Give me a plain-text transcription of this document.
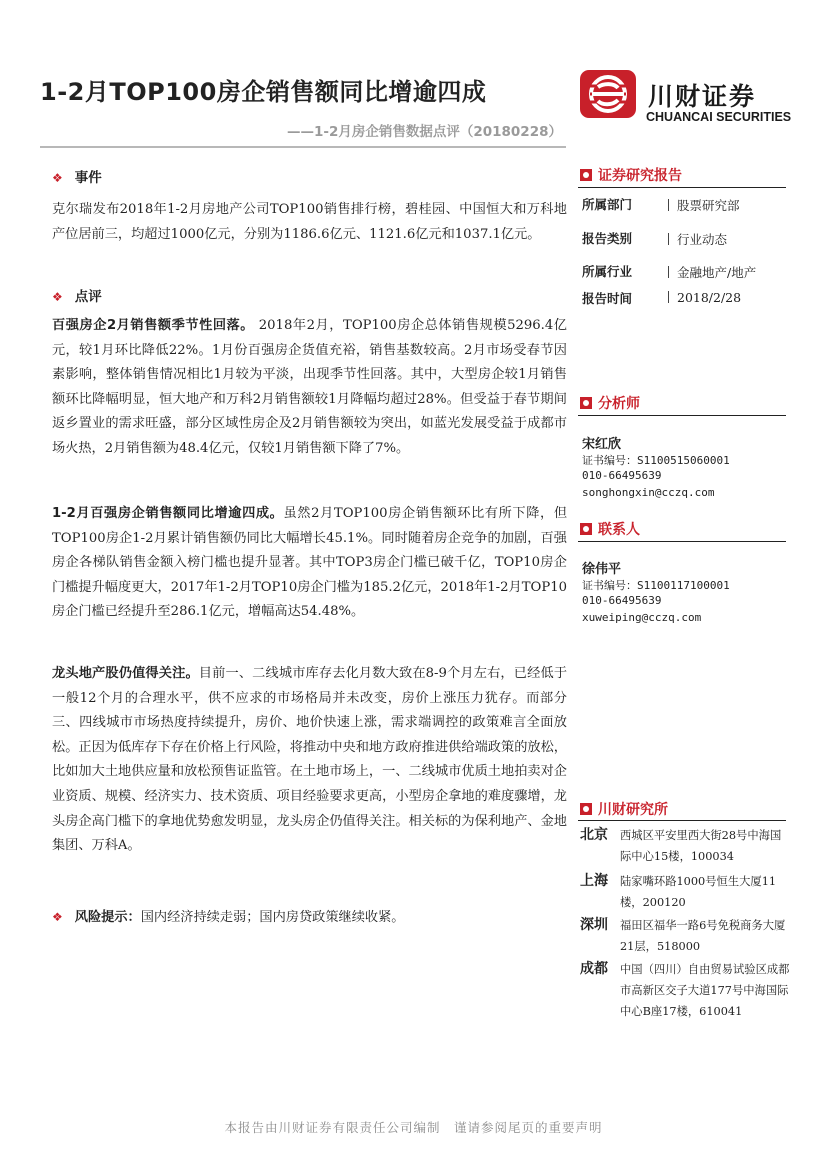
1-2月TOP100房企销售额同比增逾四成
——1-2月房企销售数据点评（20180228）
川财证券
CHUANCAI SECURITIES
❖ 事件
克尔瑞发布2018年1-2月房地产公司TOP100销售排行榜，碧桂园、中国恒大和万科地产位居前三，均超过1000亿元，分别为1186.6亿元、1121.6亿元和1037.1亿元。
❖ 点评
百强房企2月销售额季节性回落。 2018年2月，TOP100房企总体销售规模5296.4亿元，较1月环比降低22%。1月份百强房企货值充裕，销售基数较高。2月市场受春节因素影响，整体销售情况相比1月较为平淡，出现季节性回落。其中，大型房企较1月销售额环比降幅明显，恒大地产和万科2月销售额较1月降幅均超过28%。但受益于春节期间返乡置业的需求旺盛，部分区域性房企及2月销售额较为突出，如蓝光发展受益于成都市场火热，2月销售额为48.4亿元，仅较1月销售额下降了7%。
1-2月百强房企销售额同比增逾四成。虽然2月TOP100房企销售额环比有所下降，但TOP100房企1-2月累计销售额仍同比大幅增长45.1%。同时随着房企竞争的加剧，百强房企各梯队销售金额入榜门槛也提升显著。其中TOP3房企门槛已破千亿，TOP10房企门槛提升幅度更大，2017年1-2月TOP10房企门槛为185.2亿元，2018年1-2月TOP10房企门槛已经提升至286.1亿元，增幅高达54.48%。
龙头地产股仍值得关注。目前一、二线城市库存去化月数大致在8-9个月左右，已经低于一般12个月的合理水平，供不应求的市场格局并未改变，房价上涨压力犹存。而部分三、四线城市市场热度持续提升，房价、地价快速上涨，需求端调控的政策难言全面放松。正因为低库存下存在价格上行风险，将推动中央和地方政府推进供给端政策的放松，比如加大土地供应量和放松预售证监管。在土地市场上，一、二线城市优质土地拍卖对企业资质、规模、经济实力、技术资质、项目经验要求更高，小型房企拿地的难度骤增，龙头房企高门槛下的拿地优势愈发明显，龙头房企仍值得关注。相关标的为保利地产、金地集团、万科A。
❖ 风险提示：国内经济持续走弱；国内房贷政策继续收紧。
证券研究报告
所属部门	股票研究部
报告类别	行业动态
所属行业	金融地产/地产
报告时间	2018/2/28
分析师
宋红欣
证书编号：S1100515060001
010-66495639
songhongxin@cczq.com
联系人
徐伟平
证书编号：S1100117100001
010-66495639
xuweiping@cczq.com
川财研究所
北京 西城区平安里西大街28号中海国际中心15楼，100034
上海 陆家嘴环路1000号恒生大厦11楼，200120
深圳 福田区福华一路6号免税商务大厦21层，518000
成都 中国（四川）自由贸易试验区成都市高新区交子大道177号中海国际中心B座17楼，610041
本报告由川财证券有限责任公司编制　谨请参阅尾页的重要声明
